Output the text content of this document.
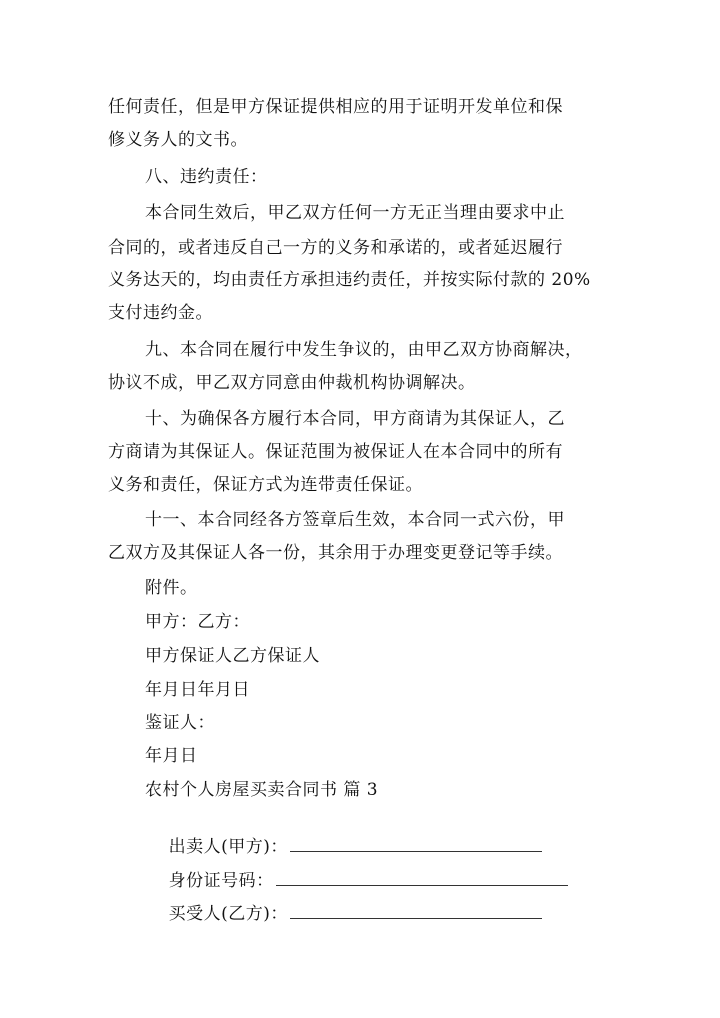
任何责任，但是甲方保证提供相应的用于证明开发单位和保
修义务人的文书。
八、违约责任：
本合同生效后，甲乙双方任何一方无正当理由要求中止
合同的，或者违反自己一方的义务和承诺的，或者延迟履行
义务达天的，均由责任方承担违约责任，并按实际付款的 20%
支付违约金。
九、本合同在履行中发生争议的，由甲乙双方协商解决，
协议不成，甲乙双方同意由仲裁机构协调解决。
十、为确保各方履行本合同，甲方商请为其保证人，乙
方商请为其保证人。保证范围为被保证人在本合同中的所有
义务和责任，保证方式为连带责任保证。
十一、本合同经各方签章后生效，本合同一式六份，甲
乙双方及其保证人各一份，其余用于办理变更登记等手续。
附件。
甲方：乙方：
甲方保证人乙方保证人
年月日年月日
鉴证人：
年月日
农村个人房屋买卖合同书 篇 3

出卖人(甲方)：

身份证号码：

买受人(乙方)：
